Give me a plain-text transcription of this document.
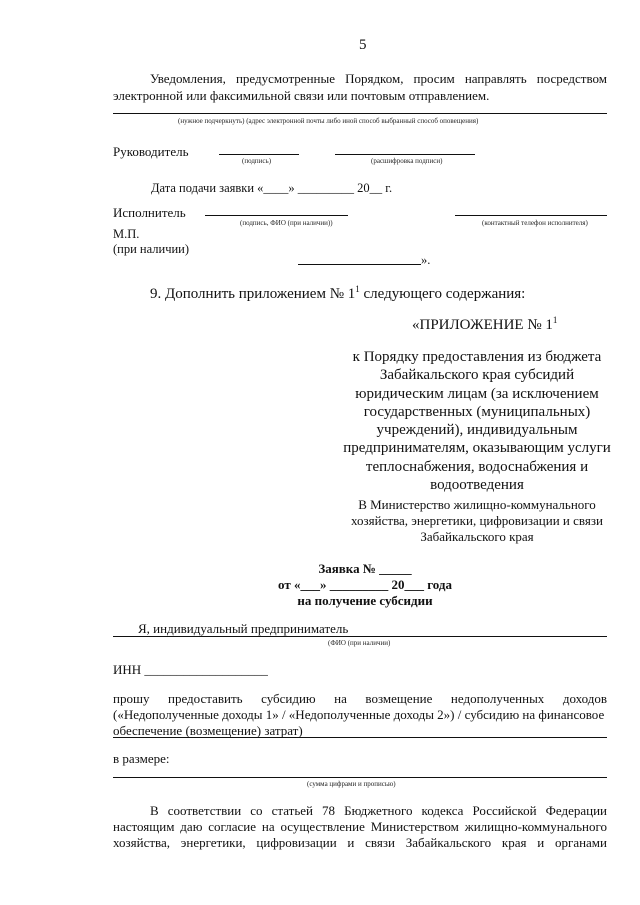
5
Уведомления, предусмотренные Порядком, просим направлять посредством
электронной или факсимильной связи или почтовым отправлением.
(нужное подчеркнуть) (адрес электронной почты либо иной способ выбранный способ оповещения)
Руководитель
(подпись)	(расшифровка подписи)
Дата подачи заявки «____» _________ 20__ г.
Исполнитель
(подпись, ФИО (при наличии))	(контактный телефон исполнителя)
М.П.
(при наличии)
».
9. Дополнить приложением № $1^1$ следующего содержания:
«ПРИЛОЖЕНИЕ № $1^1$
к Порядку предоставления из бюджета
Забайкальского края субсидий
юридическим лицам (за исключением
государственных (муниципальных)
учреждений), индивидуальным
предпринимателям, оказывающим услуги
теплоснабжения, водоснабжения и
водоотведения
В Министерство жилищно-коммунального
хозяйства, энергетики, цифровизации и связи
Забайкальского края
Заявка № _____
от «___» _________ 20___ года
на получение субсидии
Я, индивидуальный предприниматель
(ФИО (при наличии)
ИНН ___________________
прошу предоставить субсидию на возмещение недополученных доходов
(«Недополученные доходы 1» / «Недополученные доходы 2») / субсидию на финансовое
обеспечение (возмещение) затрат)
в размере:
(сумма цифрами и прописью)
В соответствии со статьей 78 Бюджетного кодекса Российской Федерации
настоящим даю согласие на осуществление Министерством жилищно-коммунального
хозяйства, энергетики, цифровизации и связи Забайкальского края и органами
